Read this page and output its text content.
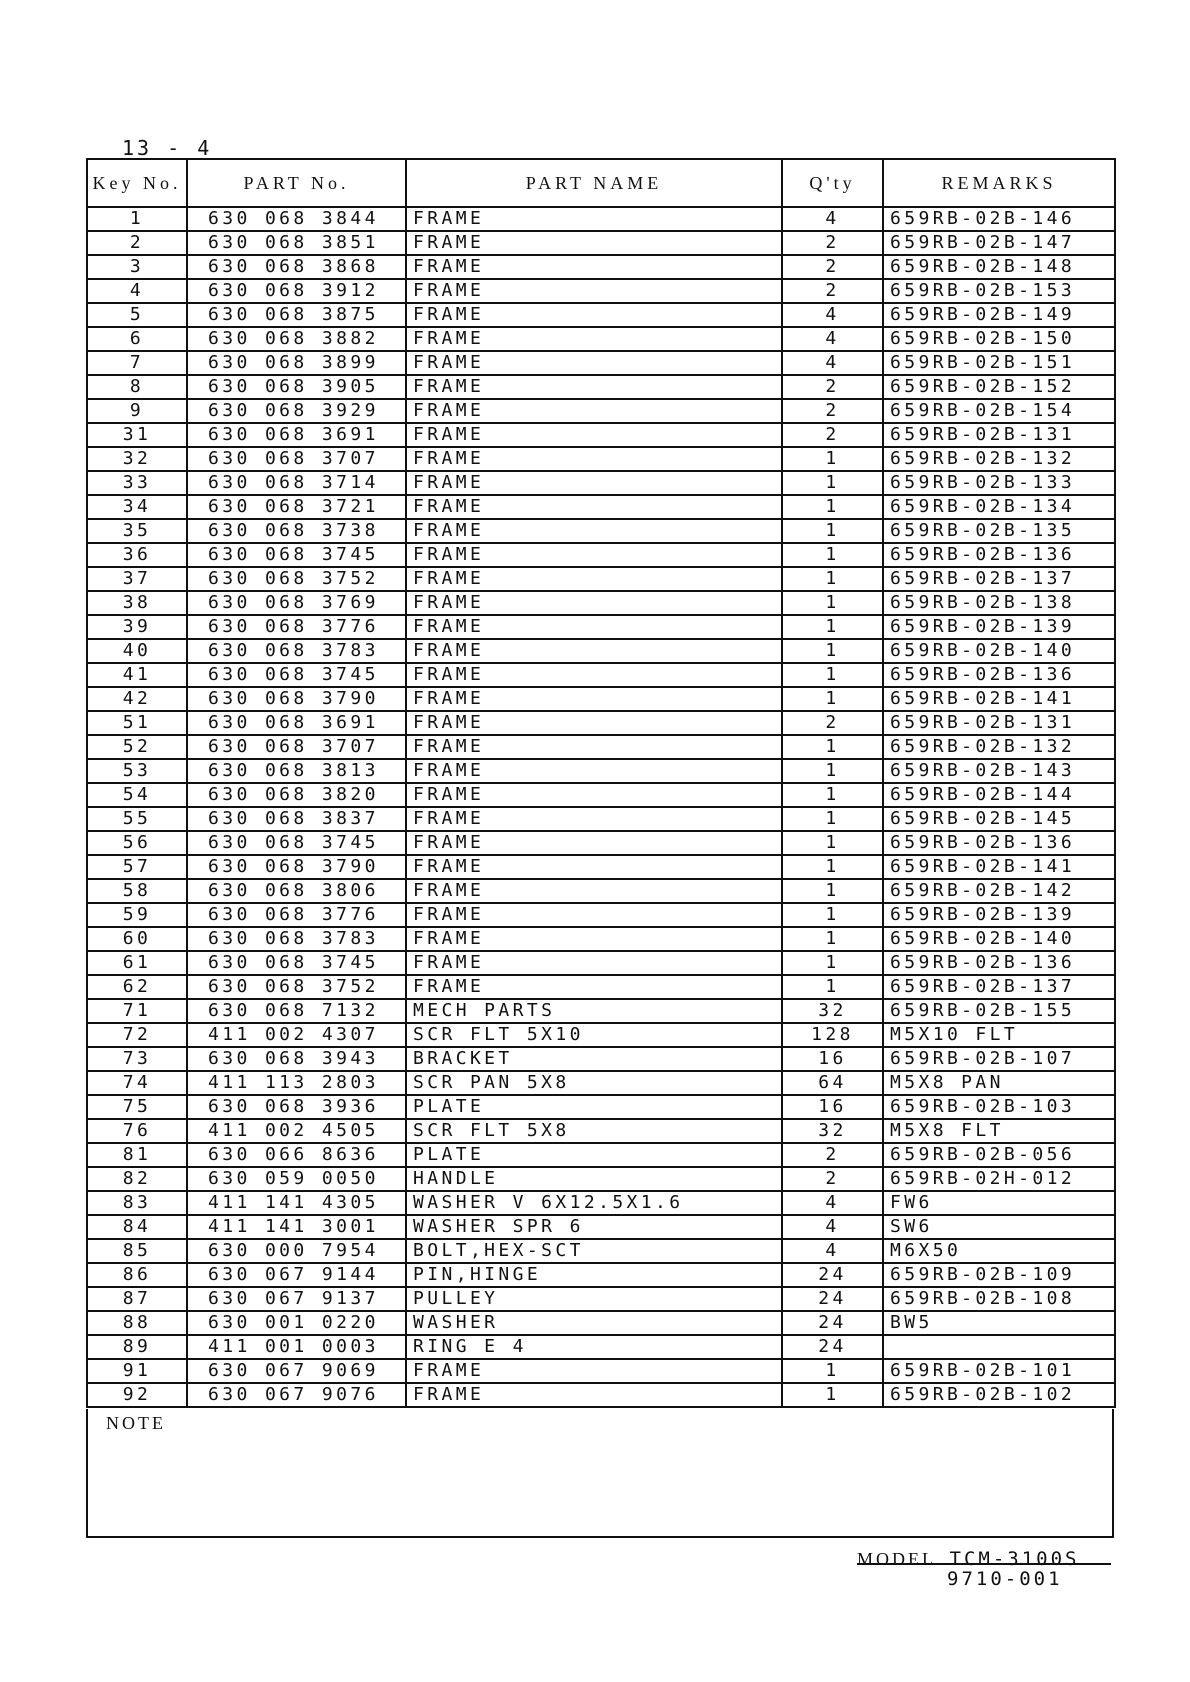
13 - 4
Key No.	PART No.	PART NAME	Q'ty	REMARKS
1	630 068 3844	FRAME	4	659RB-02B-146
2	630 068 3851	FRAME	2	659RB-02B-147
3	630 068 3868	FRAME	2	659RB-02B-148
4	630 068 3912	FRAME	2	659RB-02B-153
5	630 068 3875	FRAME	4	659RB-02B-149
6	630 068 3882	FRAME	4	659RB-02B-150
7	630 068 3899	FRAME	4	659RB-02B-151
8	630 068 3905	FRAME	2	659RB-02B-152
9	630 068 3929	FRAME	2	659RB-02B-154
31	630 068 3691	FRAME	2	659RB-02B-131
32	630 068 3707	FRAME	1	659RB-02B-132
33	630 068 3714	FRAME	1	659RB-02B-133
34	630 068 3721	FRAME	1	659RB-02B-134
35	630 068 3738	FRAME	1	659RB-02B-135
36	630 068 3745	FRAME	1	659RB-02B-136
37	630 068 3752	FRAME	1	659RB-02B-137
38	630 068 3769	FRAME	1	659RB-02B-138
39	630 068 3776	FRAME	1	659RB-02B-139
40	630 068 3783	FRAME	1	659RB-02B-140
41	630 068 3745	FRAME	1	659RB-02B-136
42	630 068 3790	FRAME	1	659RB-02B-141
51	630 068 3691	FRAME	2	659RB-02B-131
52	630 068 3707	FRAME	1	659RB-02B-132
53	630 068 3813	FRAME	1	659RB-02B-143
54	630 068 3820	FRAME	1	659RB-02B-144
55	630 068 3837	FRAME	1	659RB-02B-145
56	630 068 3745	FRAME	1	659RB-02B-136
57	630 068 3790	FRAME	1	659RB-02B-141
58	630 068 3806	FRAME	1	659RB-02B-142
59	630 068 3776	FRAME	1	659RB-02B-139
60	630 068 3783	FRAME	1	659RB-02B-140
61	630 068 3745	FRAME	1	659RB-02B-136
62	630 068 3752	FRAME	1	659RB-02B-137
71	630 068 7132	MECH PARTS	32	659RB-02B-155
72	411 002 4307	SCR FLT 5X10	128	M5X10 FLT
73	630 068 3943	BRACKET	16	659RB-02B-107
74	411 113 2803	SCR PAN 5X8	64	M5X8 PAN
75	630 068 3936	PLATE	16	659RB-02B-103
76	411 002 4505	SCR FLT 5X8	32	M5X8 FLT
81	630 066 8636	PLATE	2	659RB-02B-056
82	630 059 0050	HANDLE	2	659RB-02H-012
83	411 141 4305	WASHER V 6X12.5X1.6	4	FW6
84	411 141 3001	WASHER SPR 6	4	SW6
85	630 000 7954	BOLT,HEX-SCT	4	M6X50
86	630 067 9144	PIN,HINGE	24	659RB-02B-109
87	630 067 9137	PULLEY	24	659RB-02B-108
88	630 001 0220	WASHER	24	BW5
89	411 001 0003	RING E 4	24	
91	630 067 9069	FRAME	1	659RB-02B-101
92	630 067 9076	FRAME	1	659RB-02B-102
NOTE
MODEL. TCM-3100S
9710-001
